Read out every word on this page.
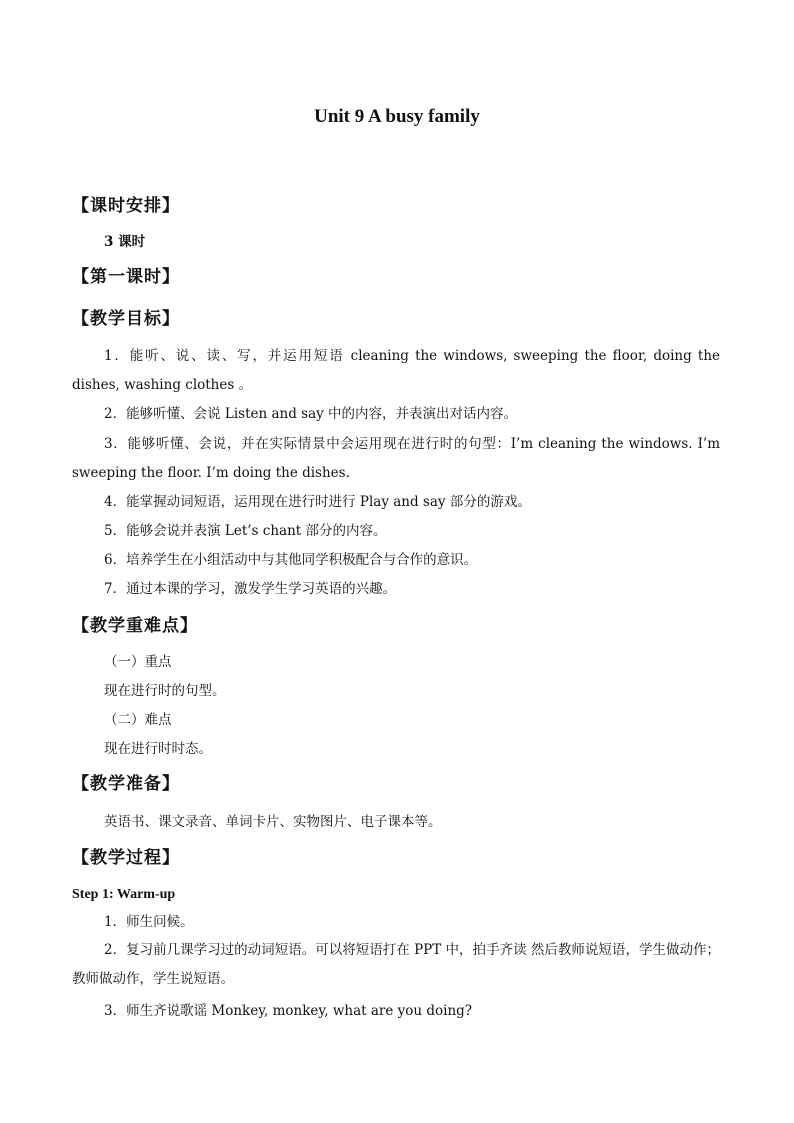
Unit 9 A busy family
【课时安排】
3 课时
【第一课时】
【教学目标】
1．能听、说、读、写，并运用短语 cleaning the windows, sweeping the floor, doing the dishes, washing clothes 。
2．能够听懂、会说 Listen and say 中的内容，并表演出对话内容。
3．能够听懂、会说，并在实际情景中会运用现在进行时的句型：I’m cleaning the windows. I’m sweeping the floor. I’m doing the dishes.
4．能掌握动词短语，运用现在进行时进行 Play and say 部分的游戏。
5．能够会说并表演 Let’s chant 部分的内容。
6．培养学生在小组活动中与其他同学积极配合与合作的意识。
7．通过本课的学习，激发学生学习英语的兴趣。
【教学重难点】
（一）重点
现在进行时的句型。
（二）难点
现在进行时时态。
【教学准备】
英语书、课文录音、单词卡片、实物图片、电子课本等。
【教学过程】
Step 1: Warm-up
1．师生问候。
2．复习前几课学习过的动词短语。可以将短语打在 PPT 中，拍手齐读 然后教师说短语，学生做动作；教师做动作，学生说短语。
3．师生齐说歌谣 Monkey, monkey, what are you doing?
